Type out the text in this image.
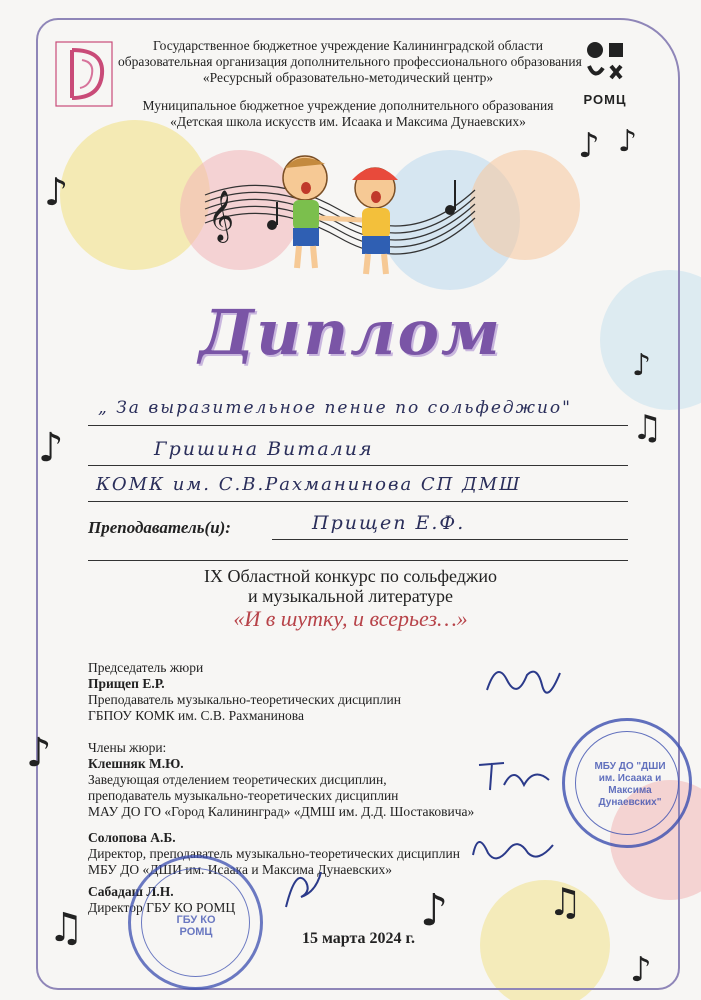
РОМЦ
Государственное бюджетное учреждение Калининградской области
образовательная организация дополнительного профессионального образования
«Ресурсный образовательно-методический центр»
Муниципальное бюджетное учреждение дополнительного образования
«Детская школа искусств им. Исаака и Максима Дунаевских»
𝄞
♪
♪ ♪
♪
♫
♪
♪
♫	♪	♫
♪
Диплом
„ За выразительное пение по сольфеджио"
Гришина Виталия
КОМК им. С.В.Рахманинова СП ДМШ
Преподаватель(и):	Прищеп Е.Ф.
IX Областной конкурс по сольфеджио
и музыкальной литературе
«И в шутку, и всерьез…»
Председатель жюри
Прищеп Е.Р.
Преподаватель музыкально-теоретических дисциплин
ГБПОУ КОМК им. С.В. Рахманинова
Члены жюри:
Клешняк М.Ю.
Заведующая отделением теоретических дисциплин,
преподаватель музыкально-теоретических дисциплин
МАУ ДО ГО «Город Калининград» «ДМШ им. Д.Д. Шостаковича»
Солопова А.Б.
Директор, преподаватель музыкально-теоретических дисциплин
МБУ ДО «ДШИ им. Исаака и Максима Дунаевских»
Сабадаш Л.Н.
Директор ГБУ КО РОМЦ
МБУ ДО "ДШИ им. Исаака и Максима Дунаевских"
ГБУ КО РОМЦ	15 марта 2024 г.
